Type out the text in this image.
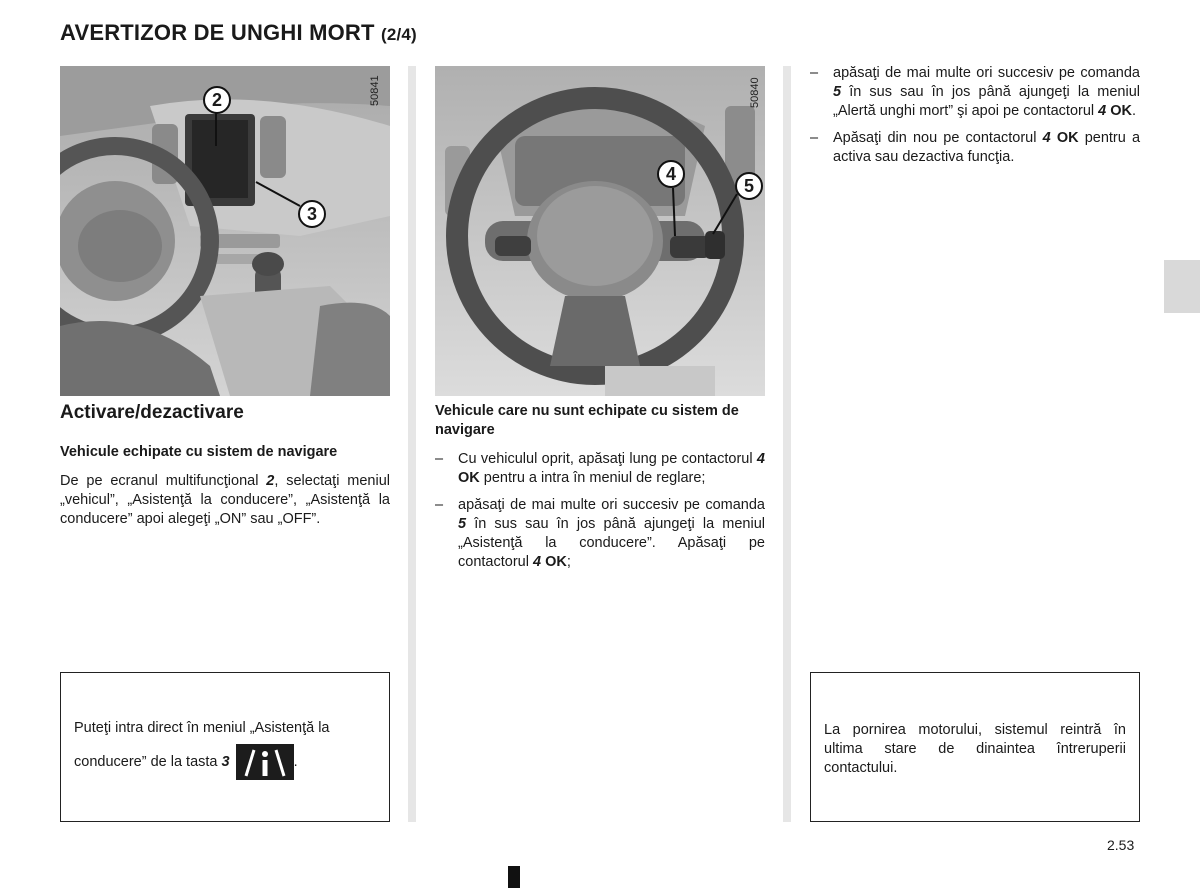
AVERTIZOR DE UNGHI MORT (2/4)
50841
2
3
50840
4
5
Activare/dezactivare
Vehicule echipate cu sistem de navigare
De pe ecranul multifuncţional 2, selectaţi meniul „vehicul”, „Asistenţă la conducere”, „Asistenţă la conducere” apoi alegeţi „ON” sau „OFF”.

Puteţi intra direct în meniul „Asistenţă la

conducere” de la tasta 3	.

Vehicule care nu sunt echipate cu sistem de navigare
– Cu vehiculul oprit, apăsaţi lung pe contactorul 4 OK pentru a intra în meniul de reglare;
– apăsaţi de mai multe ori succesiv pe comanda 5 în sus sau în jos până ajungeţi la meniul „Asistenţă la conducere”. Apăsaţi pe contactorul 4 OK;
– apăsaţi de mai multe ori succesiv pe comanda 5 în sus sau în jos până ajungeţi la meniul „Alertă unghi mort” şi apoi pe contactorul 4 OK.
– Apăsaţi din nou pe contactorul 4 OK pentru a activa sau dezactiva funcţia.

La pornirea motorului, sistemul reintră în ultima stare de dinaintea întreruperii contactului.

2.53
